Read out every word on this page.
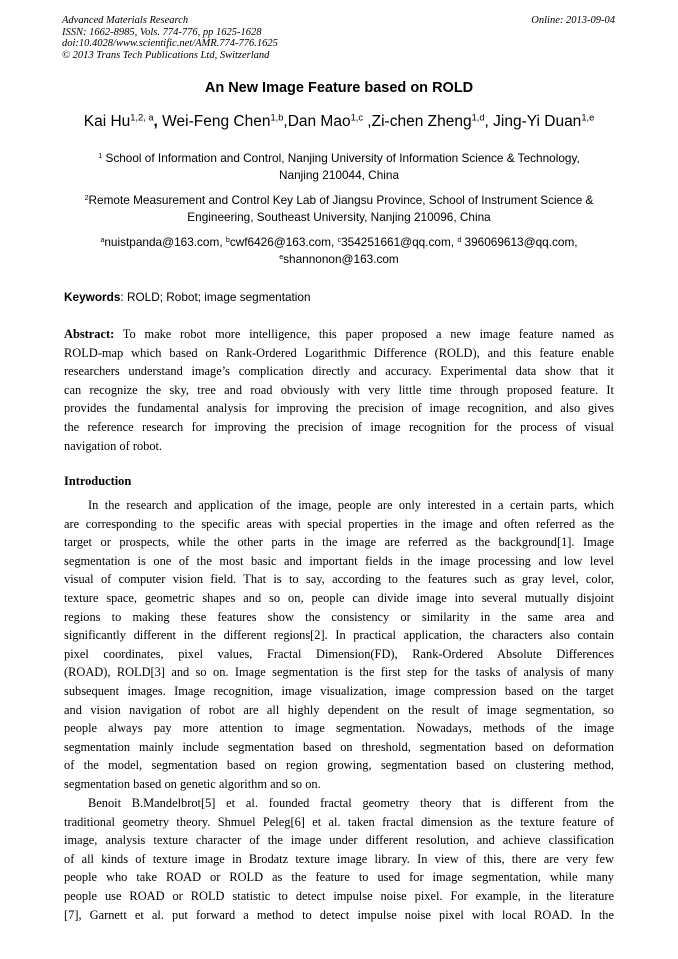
Advanced Materials Research
ISSN: 1662-8985, Vols. 774-776, pp 1625-1628
doi:10.4028/www.scientific.net/AMR.774-776.1625
© 2013 Trans Tech Publications Ltd, Switzerland
Online: 2013-09-04
An New Image Feature based on ROLD
Kai Hu$^{1,2, a}$, Wei-Feng Chen$^{1,b}$,Dan Mao$^{1,c}$ ,Zi-chen Zheng$^{1,d}$, Jing-Yi Duan$^{1,e}$
$^1$ School of Information and Control, Nanjing University of Information Science & Technology,
Nanjing 210044, China
$^2$Remote Measurement and Control Key Lab of Jiangsu Province, School of Instrument Science &
Engineering, Southeast University, Nanjing 210096, China
$^a$nuistpanda@163.com, $^b$cwf6426@163.com, $^c$354251661@qq.com, $^d$ 396069613@qq.com,
$^e$shannonon@163.com
Keywords: ROLD; Robot; image segmentation
Abstract: To make robot more intelligence, this paper proposed a new image feature named as
ROLD-map which based on Rank-Ordered Logarithmic Difference (ROLD), and this feature enable
researchers understand image’s complication directly and accuracy. Experimental data show that it
can recognize the sky, tree and road obviously with very little time through proposed feature. It
provides the fundamental analysis for improving the precision of image recognition, and also gives
the reference research for improving the precision of image recognition for the process of visual
navigation of robot.
Introduction
In the research and application of the image, people are only interested in a certain parts, which
are corresponding to the specific areas with special properties in the image and often referred as the
target or prospects, while the other parts in the image are referred as the background[1]. Image
segmentation is one of the most basic and important fields in the image processing and low level
visual of computer vision field. That is to say, according to the features such as gray level, color,
texture space, geometric shapes and so on, people can divide image into several mutually disjoint
regions to making these features show the consistency or similarity in the same area and
significantly different in the different regions[2]. In practical application, the characters also contain
pixel coordinates, pixel values, Fractal Dimension(FD), Rank-Ordered Absolute Differences
(ROAD), ROLD[3] and so on. Image segmentation is the first step for the tasks of analysis of many
subsequent images. Image recognition, image visualization, image compression based on the target
and vision navigation of robot are all highly dependent on the result of image segmentation, so
people always pay more attention to image segmentation. Nowadays, methods of the image
segmentation mainly include segmentation based on threshold, segmentation based on deformation
of the model, segmentation based on region growing, segmentation based on clustering method,
segmentation based on genetic algorithm and so on.
Benoit B.Mandelbrot[5] et al. founded fractal geometry theory that is different from the
traditional geometry theory. Shmuel Peleg[6] et al. taken fractal dimension as the texture feature of
image, analysis texture character of the image under different resolution, and achieve classification
of all kinds of texture image in Brodatz texture image library. In view of this, there are very few
people who take ROAD or ROLD as the feature to used for image segmentation, while many
people use ROAD or ROLD statistic to detect impulse noise pixel. For example, in the literature
[7], Garnett et al. put forward a method to detect impulse noise pixel with local ROAD. In the
